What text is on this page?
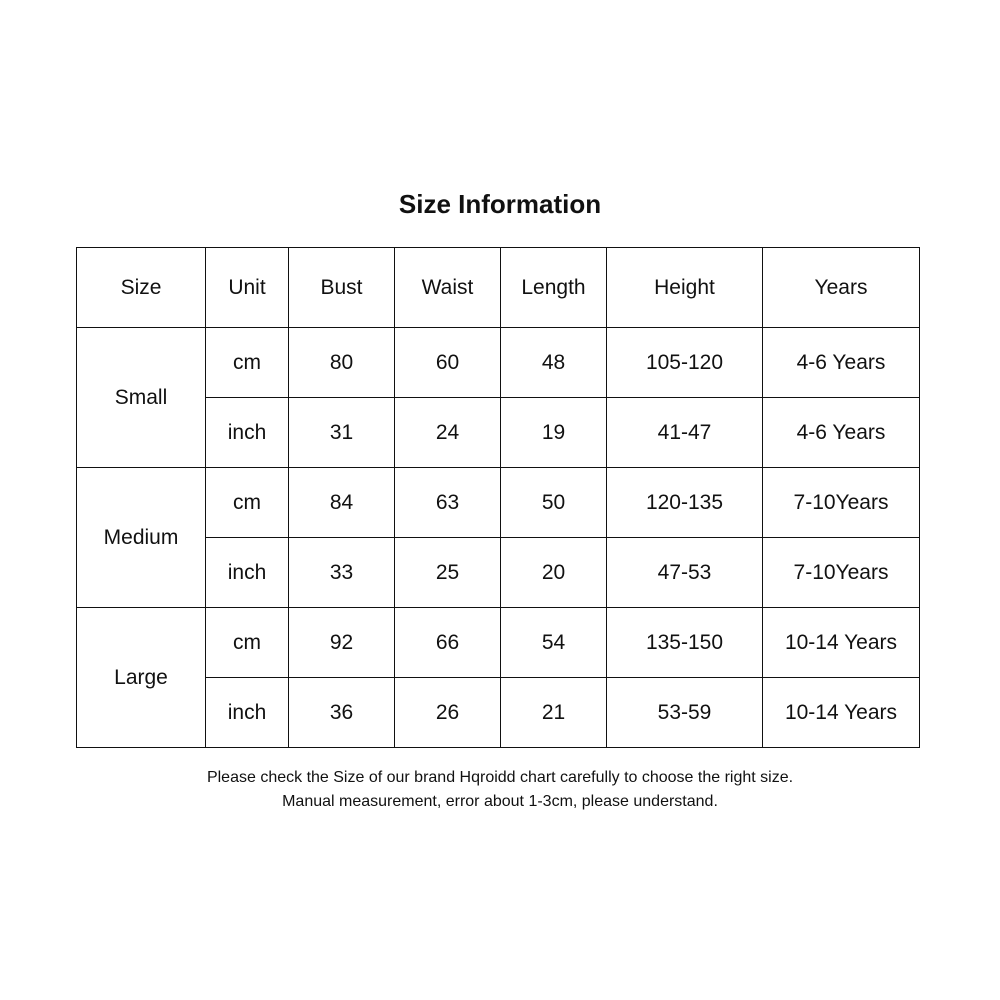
Size Information
Size	Unit	Bust	Waist	Length	Height	Years
Small	cm	80	60	48	105-120	4-6 Years
	inch	31	24	19	41-47	4-6 Years
Medium	cm	84	63	50	120-135	7-10Years
	inch	33	25	20	47-53	7-10Years
Large	cm	92	66	54	135-150	10-14 Years
	inch	36	26	21	53-59	10-14 Years
Please check the Size of our brand Hqroidd chart carefully to choose the right size.
Manual measurement, error about 1-3cm, please understand.
